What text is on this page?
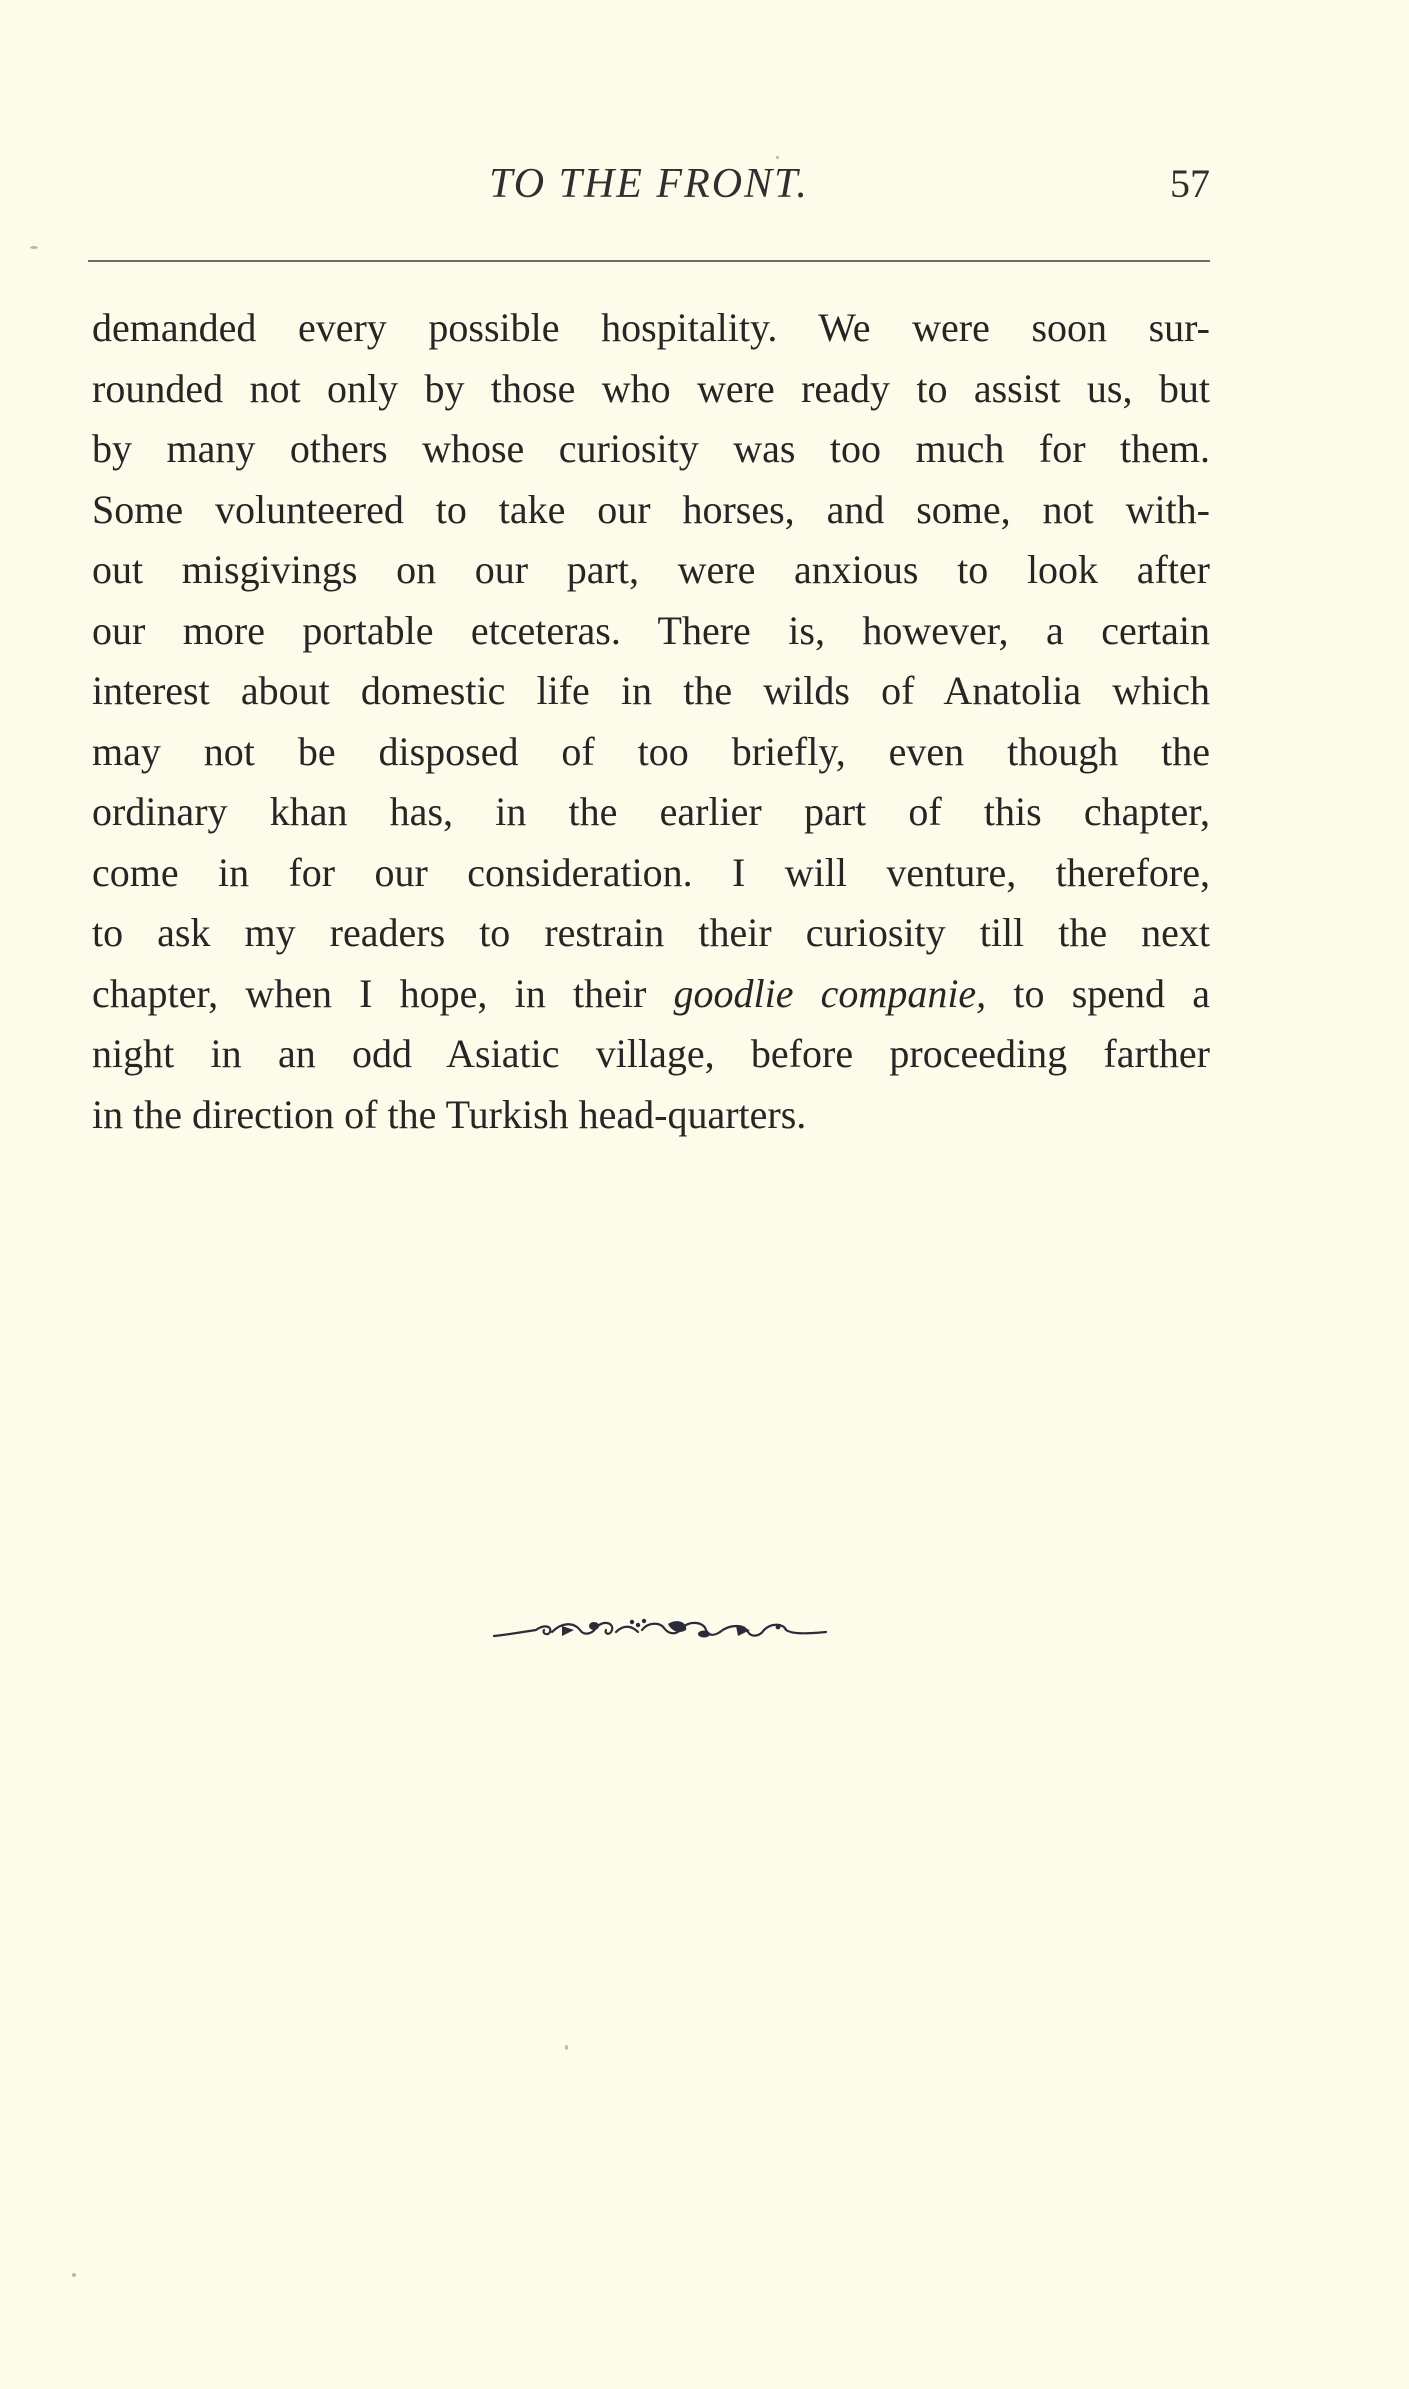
TO THE FRONT.	57
demanded every possible hospitality. We were soon sur-
rounded not only by those who were ready to assist us, but
by many others whose curiosity was too much for them.
Some volunteered to take our horses, and some, not with-
out misgivings on our part, were anxious to look after
our more portable etceteras. There is, however, a certain
interest about domestic life in the wilds of Anatolia which
may not be disposed of too briefly, even though the
ordinary khan has, in the earlier part of this chapter,
come in for our consideration. I will venture, therefore,
to ask my readers to restrain their curiosity till the next
chapter, when I hope, in their goodlie companie, to spend a
night in an odd Asiatic village, before proceeding farther
in the direction of the Turkish head-quarters.
